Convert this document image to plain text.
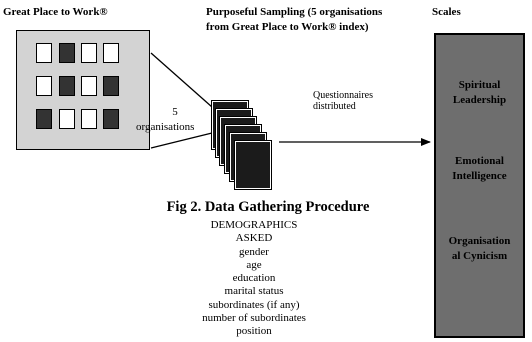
Great Place to Work®	Purposeful Sampling (5 organisations
from Great Place to Work® index)
Scales
5
organisations
Questionnaires
distributed
Spiritual
Leadership
Emotional
Intelligence
Organisation
al Cynicism
Fig 2. Data Gathering Procedure
DEMOGRAPHICS
ASKED
gender
age
education
marital status
subordinates (if any)
number of subordinates
position
